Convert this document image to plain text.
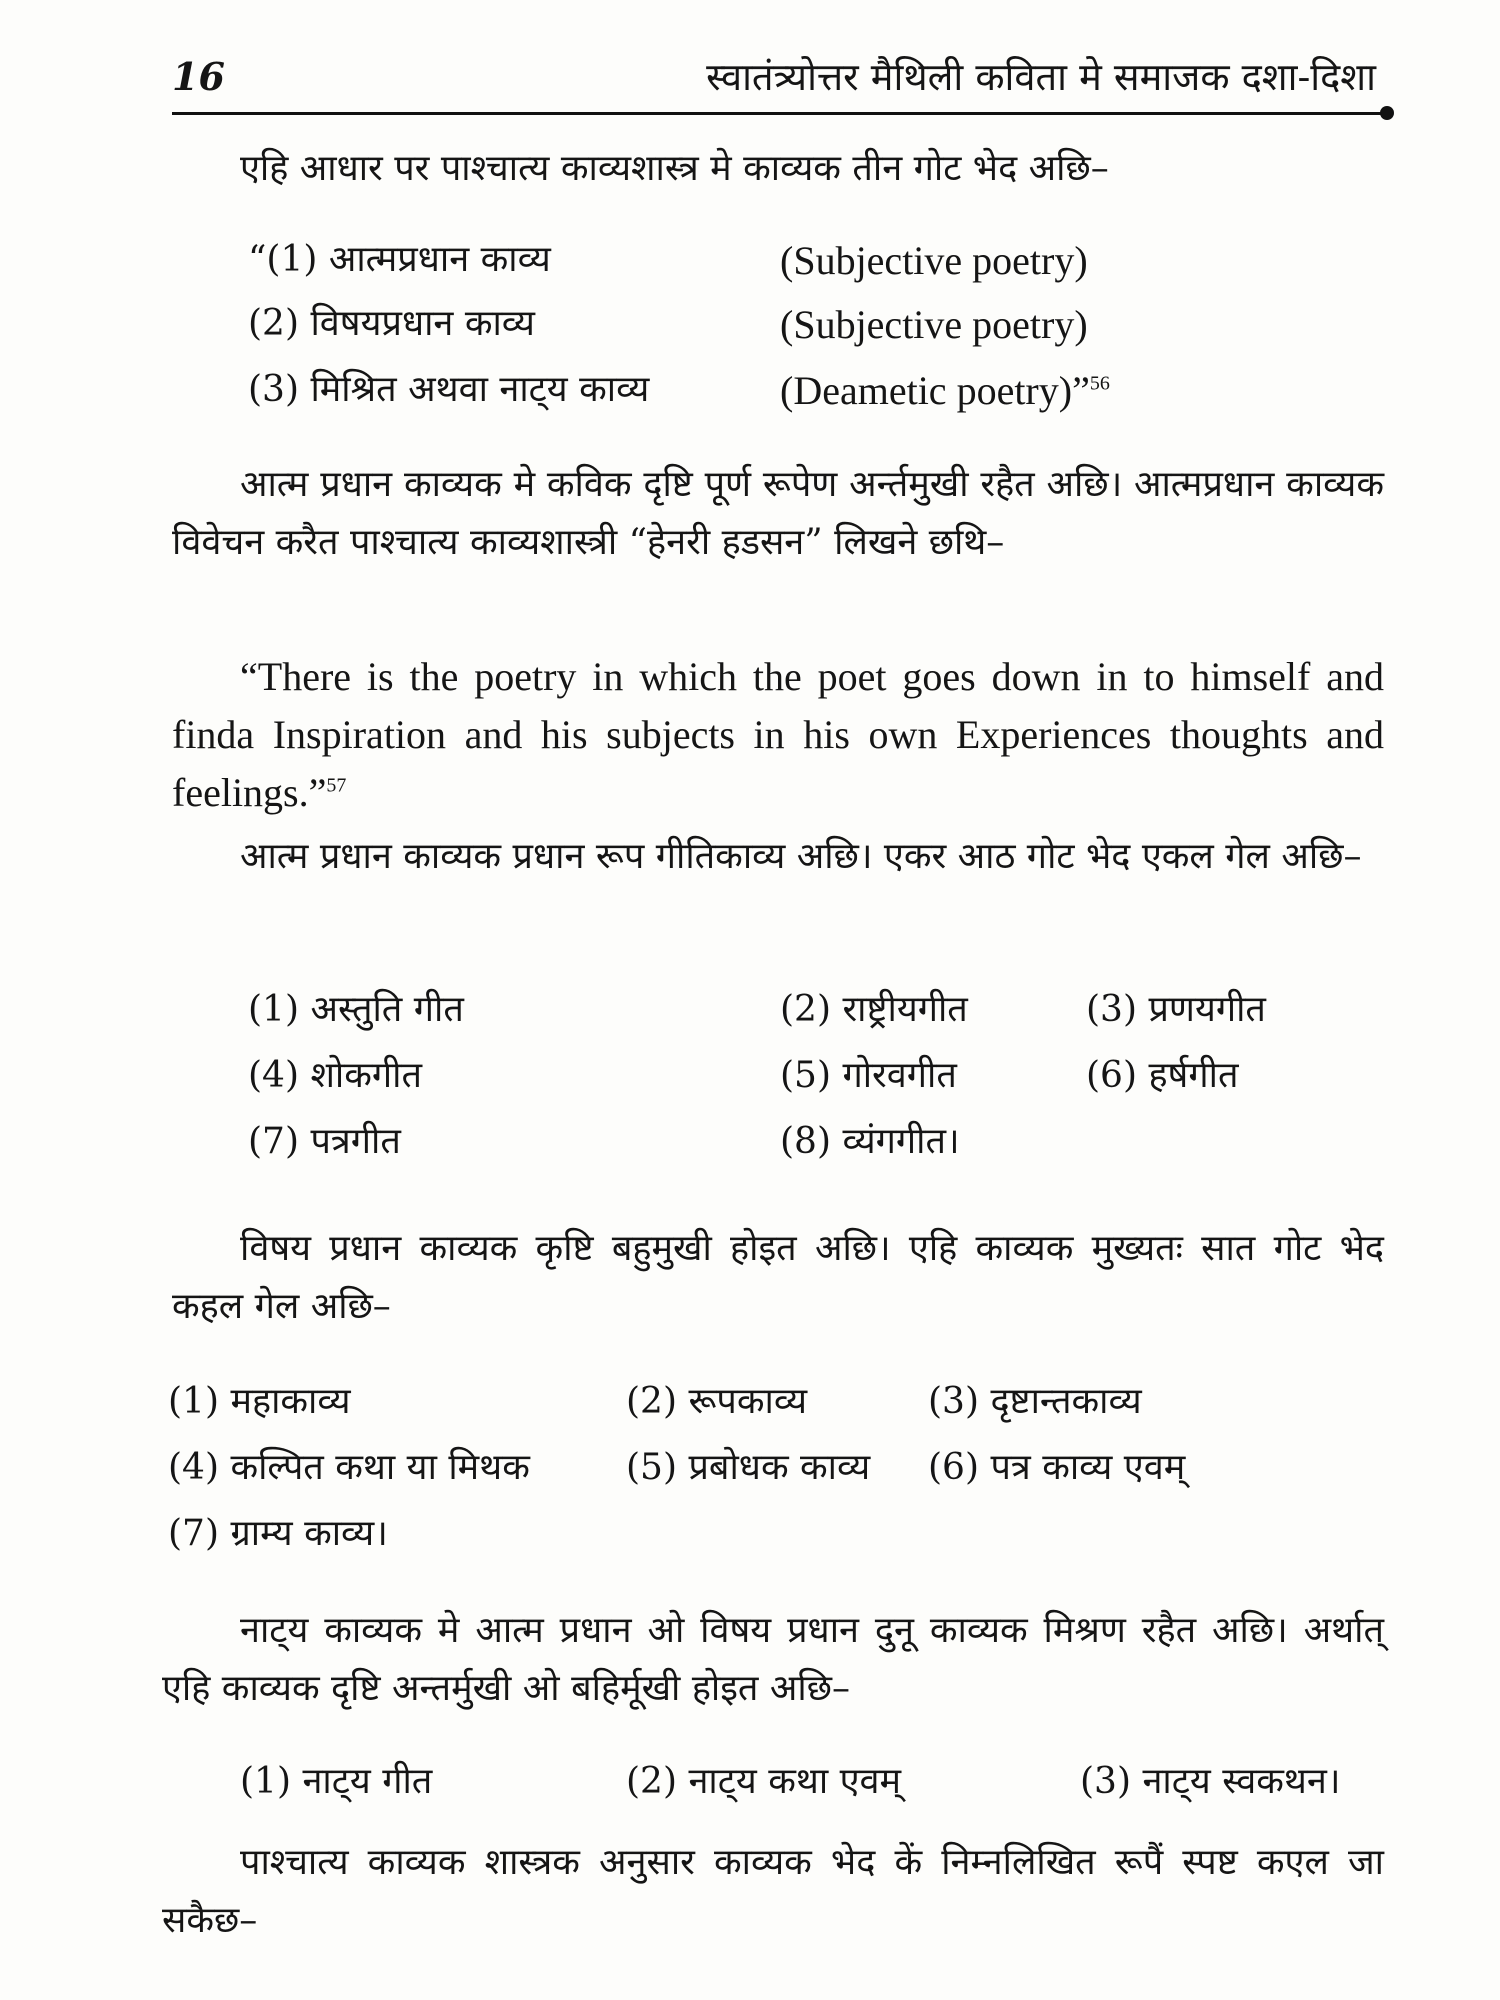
16	स्वातंत्र्योत्तर मैथिली कविता मे समाजक दशा-दिशा

एहि आधार पर पाश्चात्य काव्यशास्त्र मे काव्यक तीन गोट भेद अछि–

“(1) आत्मप्रधान काव्य	(Subjective poetry)
(2) विषयप्रधान काव्य	(Subjective poetry)
(3) मिश्रित अथवा नाट्‌य काव्य	(Deametic poetry)”$^{56}$

आत्म प्रधान काव्यक मे कविक दृष्टि पूर्ण रूपेण अर्न्तमुखी रहैत अछि। आत्मप्रधान काव्यक विवेचन करैत पाश्चात्य काव्यशास्त्री “हेनरी हडसन” लिखने छथि–

“There is the poetry in which the poet goes down in to himself and finda Inspiration and his subjects in his own Experiences thoughts and feelings.”$^{57}$

आत्म प्रधान काव्यक प्रधान रूप गीतिकाव्य अछि। एकर आठ गोट भेद एकल गेल अछि–

(1) अस्तुति गीत	(2) राष्ट्रीयगीत	(3) प्रणयगीत
(4) शोकगीत	(5) गोरवगीत	(6) हर्षगीत
(7) पत्रगीत	(8) व्यंगगीत।

विषय प्रधान काव्यक कृष्टि बहुमुखी होइत अछि। एहि काव्यक मुख्यतः सात गोट भेद कहल गेल अछि–

(1) महाकाव्य	(2) रूपकाव्य	(3) दृष्टान्तकाव्य
(4) कल्पित कथा या मिथक	(5) प्रबोधक काव्य (6) पत्र काव्य एवम्
(7) ग्राम्य काव्य।

नाट्‌य काव्यक मे आत्म प्रधान ओ विषय प्रधान दुनू काव्यक मिश्रण रहैत अछि। अर्थात् एहि काव्यक दृष्टि अन्तर्मुखी ओ बहिर्मूखी होइत अछि–

(1) नाट्‌य गीत	(2) नाट्‌य कथा एवम्	(3) नाट्‌य स्वकथन।

पाश्चात्य काव्यक शास्त्रक अनुसार काव्यक भेद कें निम्नलिखित रूपैं स्पष्ट कएल जा सकैछ–
